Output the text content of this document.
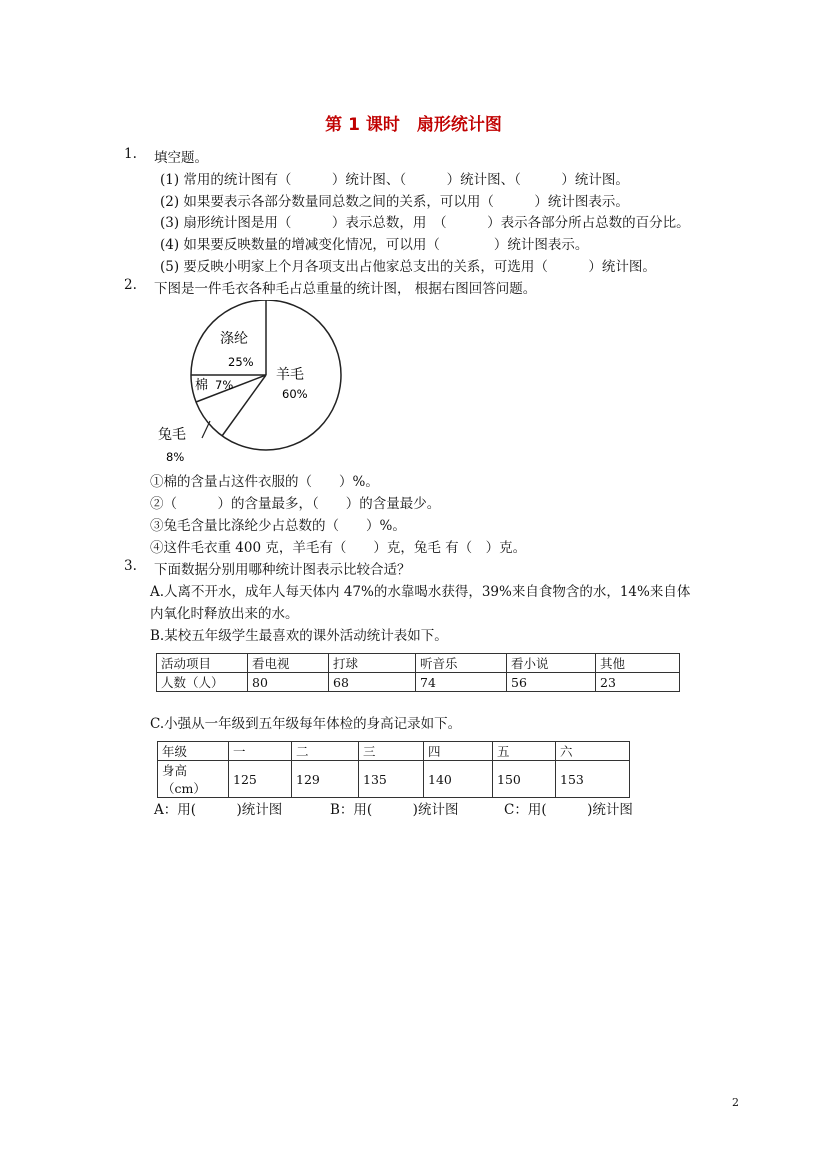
第 1 课时　扇形统计图
1. 填空题。
(1) 常用的统计图有（　　　）统计图、（　　　）统计图、（　　　）统计图。
(2) 如果要表示各部分数量同总数之间的关系，可以用（　　　）统计图表示。
(3) 扇形统计图是用（　　　）表示总数，用　（　　　）表示各部分所占总数的百分比。
(4) 如果要反映数量的增减变化情况，可以用（　　　　）统计图表示。
(5) 要反映小明家上个月各项支出占他家总支出的关系，可选用（　　　）统计图。
2. 下图是一件毛衣各种毛占总重量的统计图， 根据右图回答问题。
涤纶
25%
羊毛
60%
棉 7%
兔毛
8%
①棉的含量占这件衣服的（　　）%。
②（　　　）的含量最多，（　　）的含量最少。
③兔毛含量比涤纶少占总数的（　　）%。
④这件毛衣重 400 克，羊毛有（　　）克，兔毛 有（　）克。
3. 下面数据分别用哪种统计图表示比较合适？
A.人离不开水，成年人每天体内 47%的水靠喝水获得，39%来自食物含的水，14%来自体
内氧化时释放出来的水。
B.某校五年级学生最喜欢的课外活动统计表如下。
活动项目	看电视	打球	听音乐	看小说	其他
人数（人）	80	68	74	56	23
C.小强从一年级到五年级每年体检的身高记录如下。
年级	一	二	三	四	五	六
身高（cm）	125	129	135	140	150	153
A：用(　　　)统计图	B：用(　　　)统计图	C：用(　　　)统计图
2
